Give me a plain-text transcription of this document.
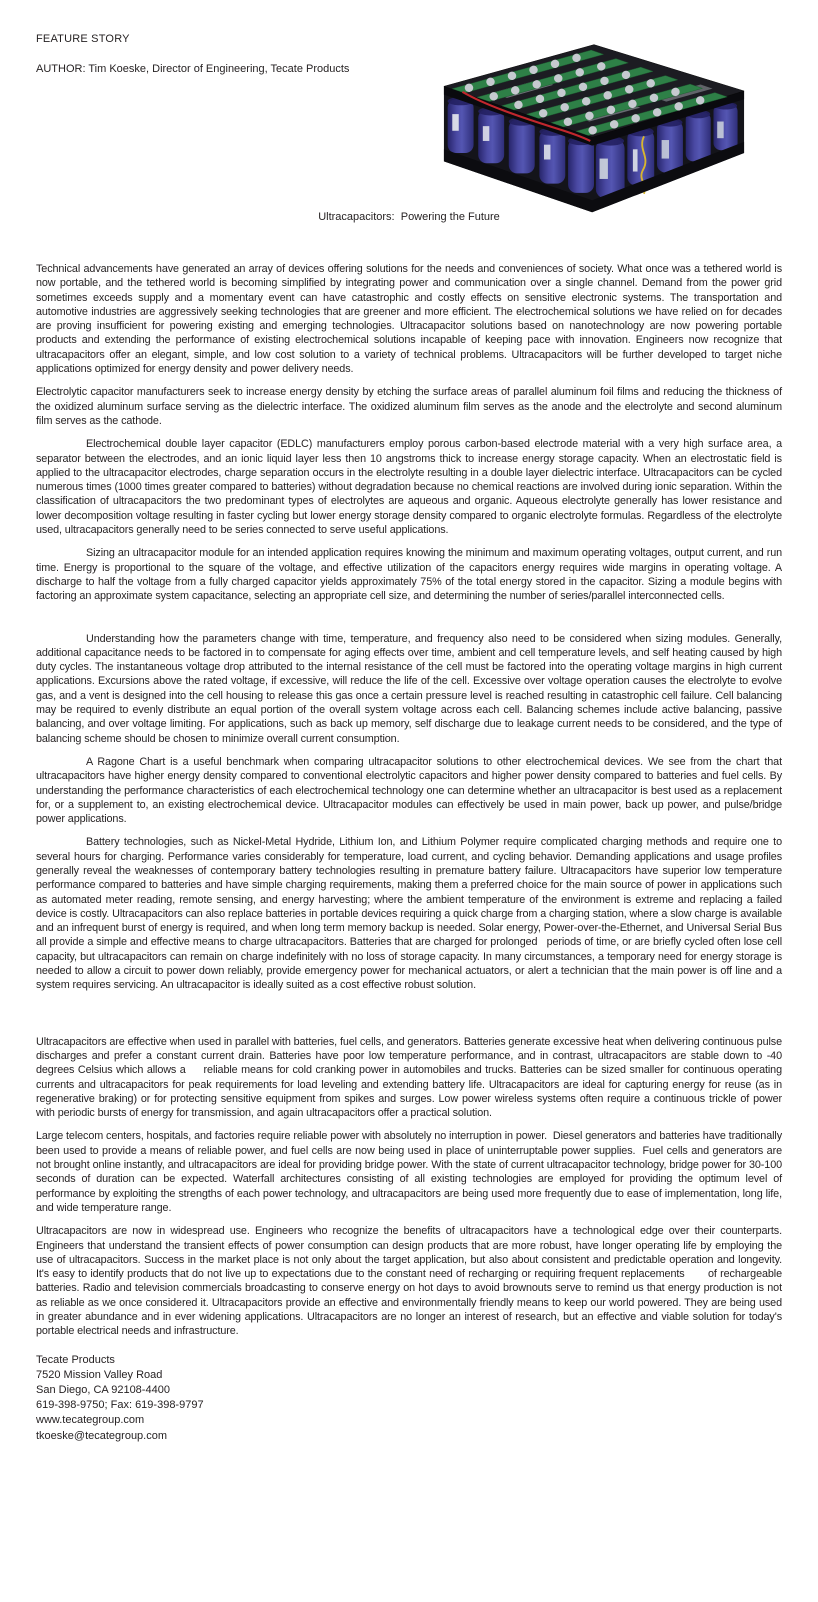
FEATURE STORY
AUTHOR: Tim Koeske, Director of Engineering, Tecate Products
Ultracapacitors:  Powering the Future

Technical advancements have generated an array of devices offering solutions for the needs and conveniences of society. What once was a tethered world is now portable, and the tethered world is becoming simplified by integrating power and communication over a single channel. Demand from the power grid sometimes exceeds supply and a momentary event can have catastrophic and costly effects on sensitive electronic systems. The transportation and automotive industries are aggressively seeking technologies that are greener and more efficient. The electrochemical solutions we have relied on for decades are proving insufficient for powering existing and emerging technologies. Ultracapacitor solutions based on nanotechnology are now powering portable products and extending the performance of existing electrochemical solutions incapable of keeping pace with innovation. Engineers now recognize that ultracapacitors offer an elegant, simple, and low cost solution to a variety of technical problems. Ultracapacitors will be further developed to target niche applications optimized for energy density and power delivery needs.

Electrolytic capacitor manufacturers seek to increase energy density by etching the surface areas of parallel aluminum foil films and reducing the thickness of the oxidized aluminum surface serving as the dielectric interface. The oxidized aluminum film serves as the anode and the electrolyte and second aluminum film serves as the cathode.

Electrochemical double layer capacitor (EDLC) manufacturers employ porous carbon-based electrode material with a very high surface area, a separator between the electrodes, and an ionic liquid layer less then 10 angstroms thick to increase energy storage capacity. When an electrostatic field is applied to the ultracapacitor electrodes, charge separation occurs in the electrolyte resulting in a double layer dielectric interface. Ultracapacitors can be cycled numerous times (1000 times greater compared to batteries) without degradation because no chemical reactions are involved during ionic separation. Within the classification of ultracapacitors the two predominant types of electrolytes are aqueous and organic. Aqueous electrolyte generally has lower resistance and lower decomposition voltage resulting in faster cycling but lower energy storage density compared to organic electrolyte formulas. Regardless of the electrolyte used, ultracapacitors generally need to be series connected to serve useful applications.

Sizing an ultracapacitor module for an intended application requires knowing the minimum and maximum operating voltages, output current, and run time. Energy is proportional to the square of the voltage, and effective utilization of the capacitors energy requires wide margins in operating voltage. A discharge to half the voltage from a fully charged capacitor yields approximately 75% of the total energy stored in the capacitor. Sizing a module begins with factoring an approximate system capacitance, selecting an appropriate cell size, and determining the number of series/parallel interconnected cells.

Understanding how the parameters change with time, temperature, and frequency also need to be considered when sizing modules. Generally, additional capacitance needs to be factored in to compensate for aging effects over time, ambient and cell temperature levels, and self heating caused by high duty cycles. The instantaneous voltage drop attributed to the internal resistance of the cell must be factored into the operating voltage margins in high current applications. Excursions above the rated voltage, if excessive, will reduce the life of the cell. Excessive over voltage operation causes the electrolyte to evolve gas, and a vent is designed into the cell housing to release this gas once a certain pressure level is reached resulting in catastrophic cell failure. Cell balancing may be required to evenly distribute an equal portion of the overall system voltage across each cell. Balancing schemes include active balancing, passive balancing, and over voltage limiting. For applications, such as back up memory, self discharge due to leakage current needs to be considered, and the type of balancing scheme should be chosen to minimize overall current consumption.

A Ragone Chart is a useful benchmark when comparing ultracapacitor solutions to other electrochemical devices. We see from the chart that ultracapacitors have higher energy density compared to conventional electrolytic capacitors and higher power density compared to batteries and fuel cells. By understanding the performance characteristics of each electrochemical technology one can determine whether an ultracapacitor is best used as a replacement for, or a supplement to, an existing electrochemical device. Ultracapacitor modules can effectively be used in main power, back up power, and pulse/bridge power applications.

Battery technologies, such as Nickel-Metal Hydride, Lithium Ion, and Lithium Polymer require complicated charging methods and require one to several hours for charging. Performance varies considerably for temperature, load current, and cycling behavior. Demanding applications and usage profiles generally reveal the weaknesses of contemporary battery technologies resulting in premature battery failure. Ultracapacitors have superior low temperature performance compared to batteries and have simple charging requirements, making them a preferred choice for the main source of power in applications such as automated meter reading, remote sensing, and energy harvesting; where the ambient temperature of the environment is extreme and replacing a failed device is costly. Ultracapacitors can also replace batteries in portable devices requiring a quick charge from a charging station, where a slow charge is available and an infrequent burst of energy is required, and when long term memory backup is needed. Solar energy, Power-over-the-Ethernet, and Universal Serial Bus all provide a simple and effective means to charge ultracapacitors. Batteries that are charged for prolonged   periods of time, or are briefly cycled often lose cell capacity, but ultracapacitors can remain on charge indefinitely with no loss of storage capacity. In many circumstances, a temporary need for energy storage is needed to allow a circuit to power down reliably, provide emergency power for mechanical actuators, or alert a technician that the main power is off line and a system requires servicing. An ultracapacitor is ideally suited as a cost effective robust solution.

Ultracapacitors are effective when used in parallel with batteries, fuel cells, and generators. Batteries generate excessive heat when delivering continuous pulse discharges and prefer a constant current drain. Batteries have poor low temperature performance, and in contrast, ultracapacitors are stable down to -40 degrees Celsius which allows a     reliable means for cold cranking power in automobiles and trucks. Batteries can be sized smaller for continuous operating currents and ultracapacitors for peak requirements for load leveling and extending battery life. Ultracapacitors are ideal for capturing energy for reuse (as in regenerative braking) or for protecting sensitive equipment from spikes and surges. Low power wireless systems often require a continuous trickle of power with periodic bursts of energy for transmission, and again ultracapacitors offer a practical solution.

Large telecom centers, hospitals, and factories require reliable power with absolutely no interruption in power.  Diesel generators and batteries have traditionally been used to provide a means of reliable power, and fuel cells are now being used in place of uninterruptable power supplies.  Fuel cells and generators are not brought online instantly, and ultracapacitors are ideal for providing bridge power. With the state of current ultracapacitor technology, bridge power for 30-100 seconds of duration can be expected. Waterfall architectures consisting of all existing technologies are employed for providing the optimum level of performance by exploiting the strengths of each power technology, and ultracapacitors are being used more frequently due to ease of implementation, long life, and wide temperature range.

Ultracapacitors are now in widespread use. Engineers who recognize the benefits of ultracapacitors have a technological edge over their counterparts. Engineers that understand the transient effects of power consumption can design products that are more robust, have longer operating life by employing the use of ultracapacitors. Success in the market place is not only about the target application, but also about consistent and predictable operation and longevity. It's easy to identify products that do not live up to expectations due to the constant need of recharging or requiring frequent replacements       of rechargeable batteries. Radio and television commercials broadcasting to conserve energy on hot days to avoid brownouts serve to remind us that energy production is not as reliable as we once considered it. Ultracapacitors provide an effective and environmentally friendly means to keep our world powered. They are being used in greater abundance and in ever widening applications. Ultracapacitors are no longer an interest of research, but an effective and viable solution for today's portable electrical needs and infrastructure.

Tecate Products
7520 Mission Valley Road
San Diego, CA 92108-4400
619-398-9750; Fax: 619-398-9797
www.tecategroup.com
tkoeske@tecategroup.com
